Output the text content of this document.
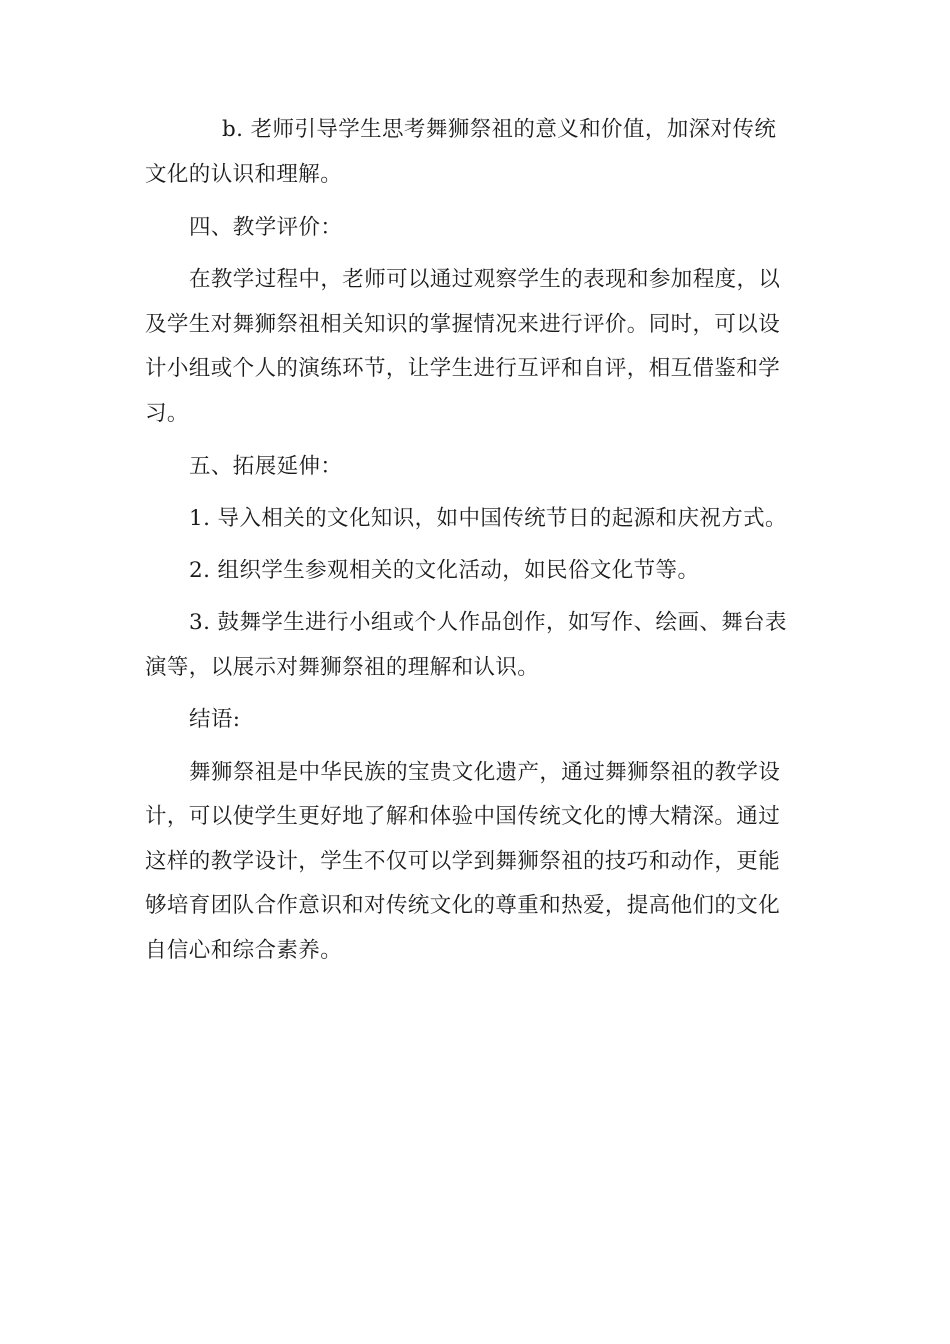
b. 老师引导学生思考舞狮祭祖的意义和价值，加深对传统
文化的认识和理解。
四、教学评价：
在教学过程中，老师可以通过观察学生的表现和参加程度，以
及学生对舞狮祭祖相关知识的掌握情况来进行评价。同时，可以设
计小组或个人的演练环节，让学生进行互评和自评，相互借鉴和学
习。
五、拓展延伸：
1. 导入相关的文化知识，如中国传统节日的起源和庆祝方式。
2. 组织学生参观相关的文化活动，如民俗文化节等。
3. 鼓舞学生进行小组或个人作品创作，如写作、绘画、舞台表
演等，以展示对舞狮祭祖的理解和认识。
结语:
舞狮祭祖是中华民族的宝贵文化遗产，通过舞狮祭祖的教学设
计，可以使学生更好地了解和体验中国传统文化的博大精深。通过
这样的教学设计，学生不仅可以学到舞狮祭祖的技巧和动作，更能
够培育团队合作意识和对传统文化的尊重和热爱，提高他们的文化
自信心和综合素养。
